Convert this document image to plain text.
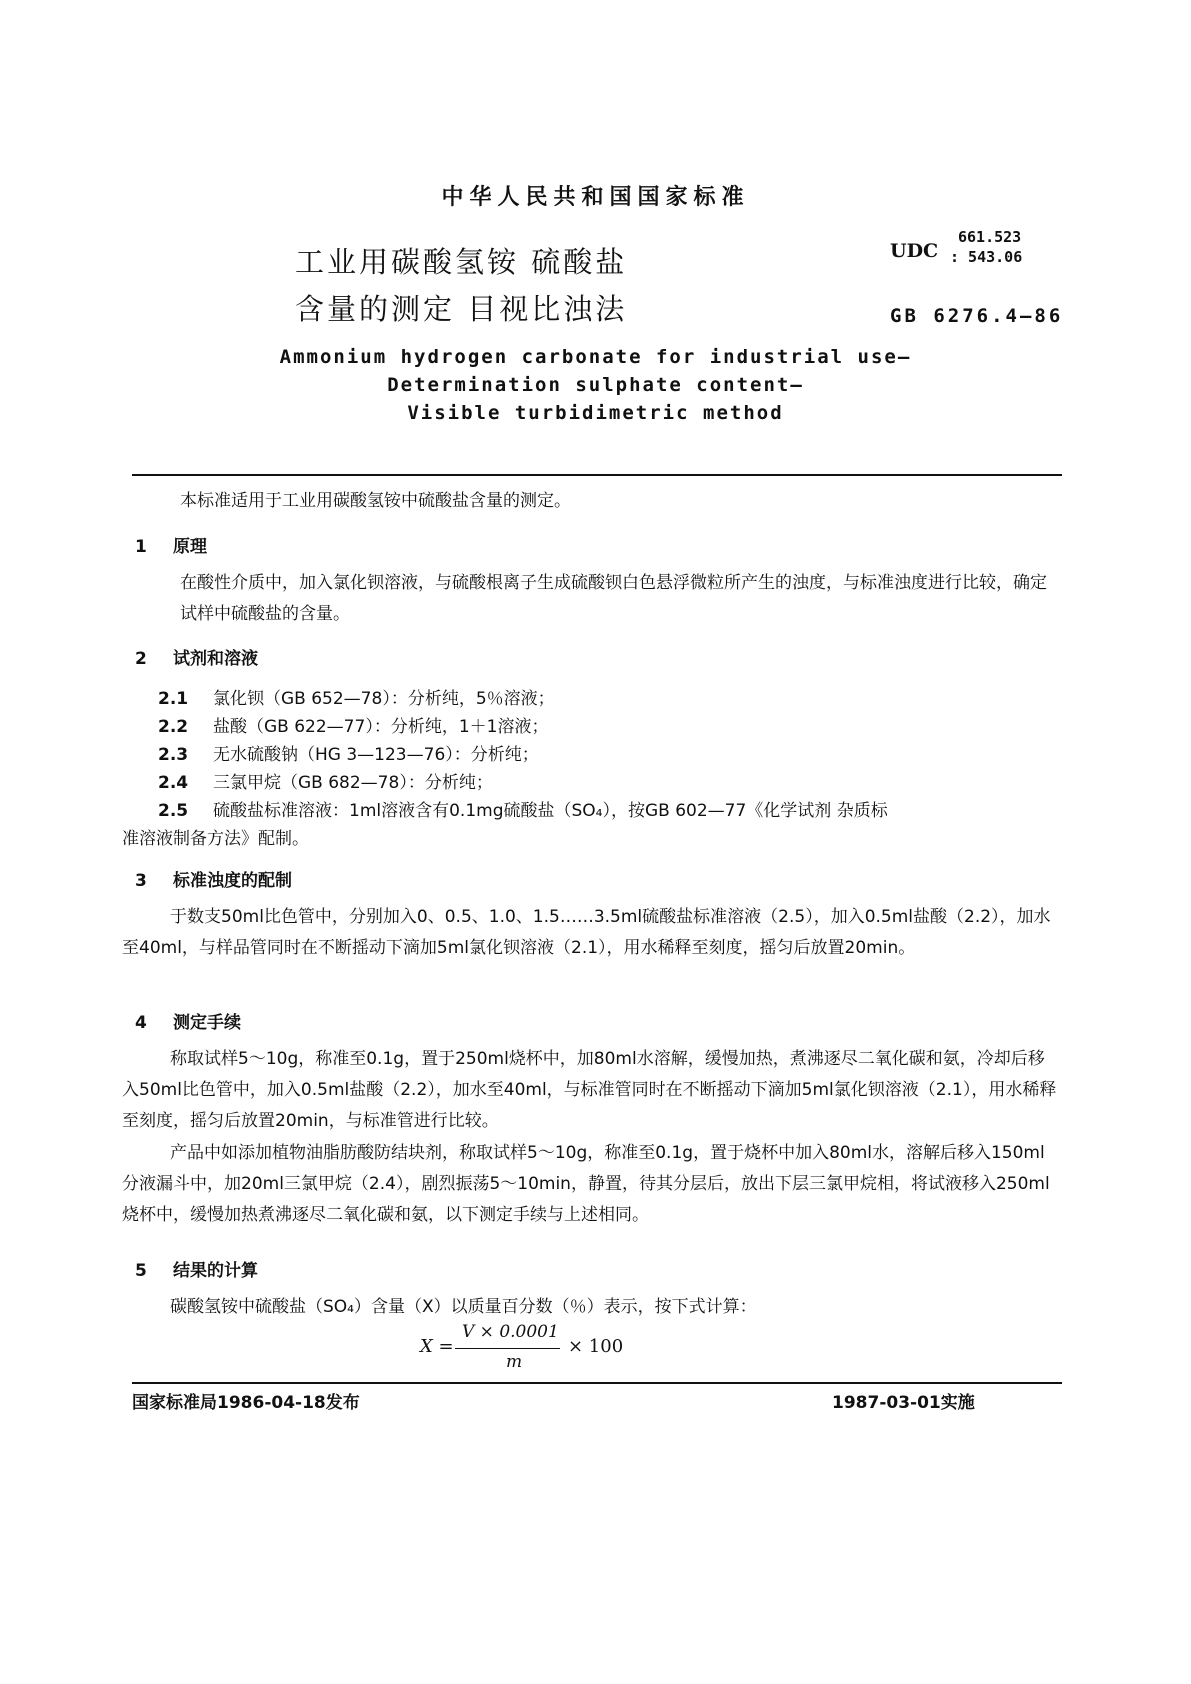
中华人民共和国国家标准
工业用碳酸氢铵 硫酸盐
含量的测定 目视比浊法
UDC
661.523
: 543.06
GB 6276.4—86
Ammonium hydrogen carbonate for industrial use—
Determination sulphate content—
Visible turbidimetric method
本标准适用于工业用碳酸氢铵中硫酸盐含量的测定。
1 原理
在酸性介质中，加入氯化钡溶液，与硫酸根离子生成硫酸钡白色悬浮微粒所产生的浊度，与标准浊度进行比较，确定试样中硫酸盐的含量。
2 试剂和溶液
2.1 氯化钡（GB 652—78）：分析纯，5％溶液；
2.2 盐酸（GB 622—77）：分析纯，1＋1溶液；
2.3 无水硫酸钠（HG 3—123—76）：分析纯；
2.4 三氯甲烷（GB 682—78）：分析纯；
2.5 硫酸盐标准溶液：1ml溶液含有0.1mg硫酸盐（SO₄），按GB 602—77《化学试剂 杂质标
准溶液制备方法》配制。
3 标准浊度的配制
于数支50ml比色管中，分别加入0、0.5、1.0、1.5……3.5ml硫酸盐标准溶液（2.5），加入0.5ml盐酸（2.2），加水至40ml，与样品管同时在不断摇动下滴加5ml氯化钡溶液（2.1），用水稀释至刻度，摇匀后放置20min。
4 测定手续
称取试样5～10g，称准至0.1g，置于250ml烧杯中，加80ml水溶解，缓慢加热，煮沸逐尽二氧化碳和氨，冷却后移入50ml比色管中，加入0.5ml盐酸（2.2），加水至40ml，与标准管同时在不断摇动下滴加5ml氯化钡溶液（2.1），用水稀释至刻度，摇匀后放置20min，与标准管进行比较。
产品中如添加植物油脂肪酸防结块剂，称取试样5～10g，称准至0.1g，置于烧杯中加入80ml水，溶解后移入150ml分液漏斗中，加20ml三氯甲烷（2.4），剧烈振荡5～10min，静置，待其分层后，放出下层三氯甲烷相，将试液移入250ml烧杯中，缓慢加热煮沸逐尽二氧化碳和氨，以下测定手续与上述相同。
5 结果的计算
碳酸氢铵中硫酸盐（SO₄）含量（X）以质量百分数（％）表示，按下式计算：
X =
V × 0.0001
m
× 100
国家标准局1986-04-18发布	1987-03-01实施
